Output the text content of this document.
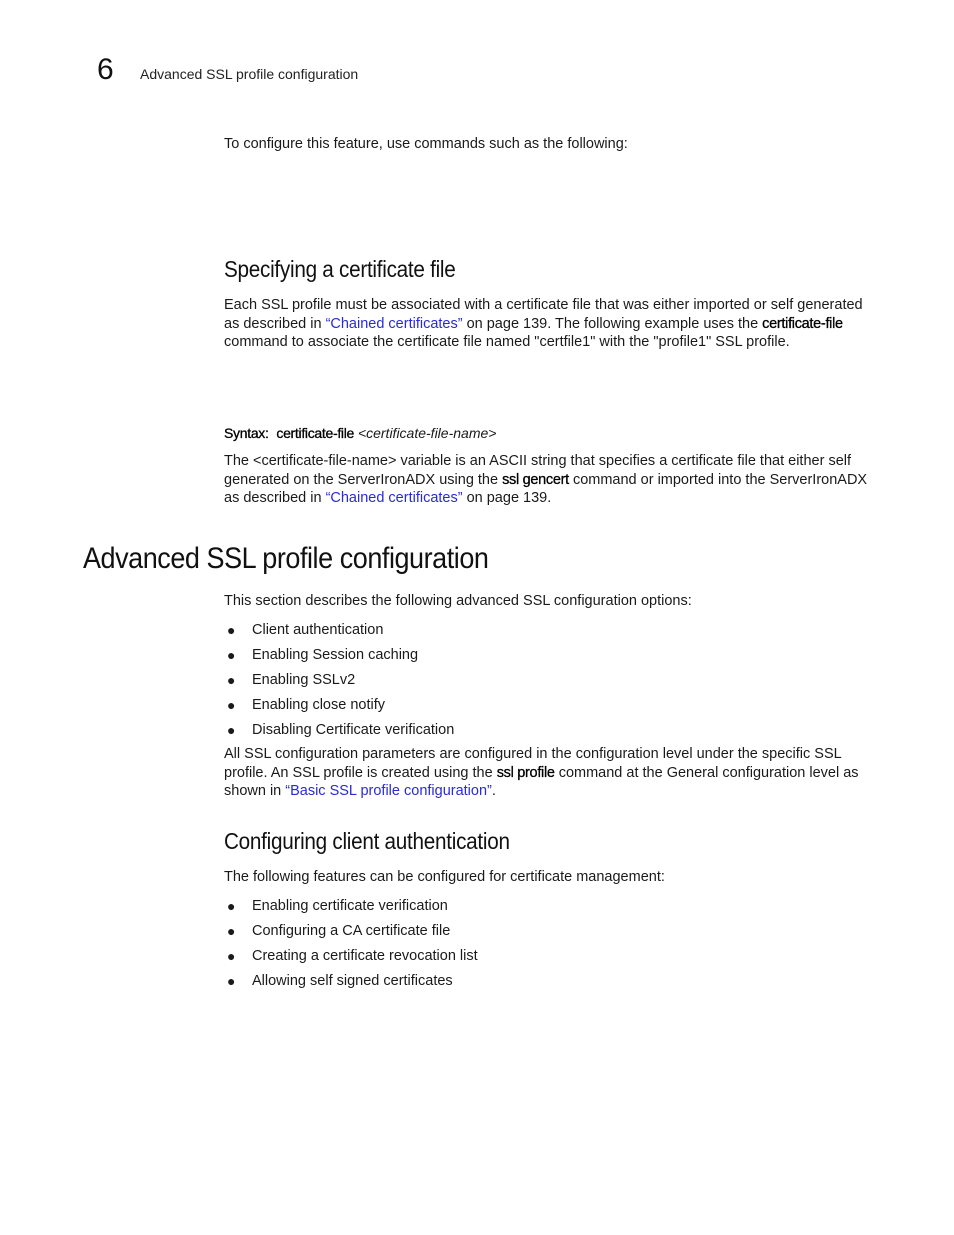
6 Advanced SSL profile configuration

To configure this feature, use commands such as the following:

Specifying a certificate file

Each SSL profile must be associated with a certificate file that was either imported or self generated as described in “Chained certificates” on page 139. The following example uses the certificate-file command to associate the certificate file named "certfile1" with the "profile1" SSL profile.

Syntax: certificate-file <certificate-file-name>

The <certificate-file-name> variable is an ASCII string that specifies a certificate file that either self generated on the ServerIronADX using the ssl gencert command or imported into the ServerIronADX as described in “Chained certificates” on page 139.

Advanced SSL profile configuration

This section describes the following advanced SSL configuration options:

● Client authentication
● Enabling Session caching
● Enabling SSLv2
● Enabling close notify
● Disabling Certificate verification

All SSL configuration parameters are configured in the configuration level under the specific SSL profile. An SSL profile is created using the ssl profile command at the General configuration level as shown in “Basic SSL profile configuration”.

Configuring client authentication

The following features can be configured for certificate management:

● Enabling certificate verification
● Configuring a CA certificate file
● Creating a certificate revocation list
● Allowing self signed certificates
